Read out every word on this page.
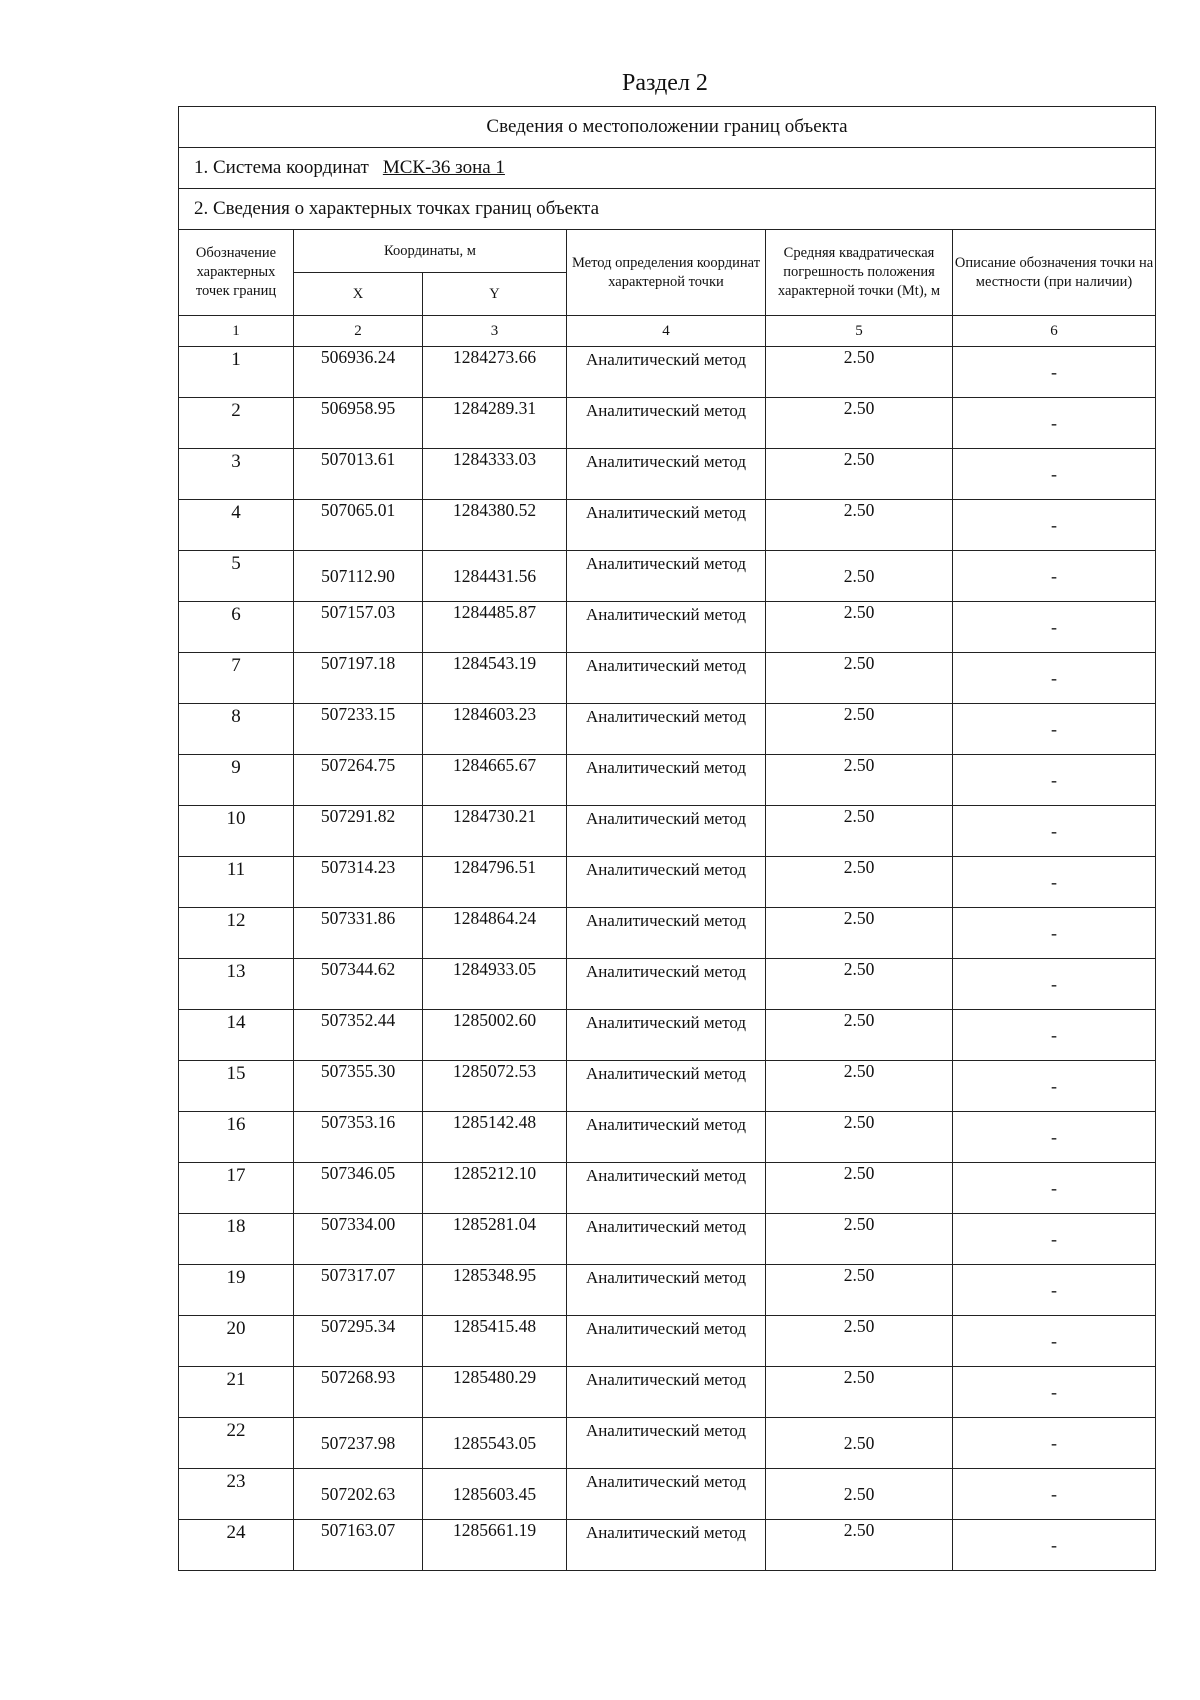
Раздел 2
Сведения о местоположении границ объекта					
1. Система координат МСК-36 зона 1					
2. Сведения о характерных точках границ объекта					
Обозначение характерных точек границ	Координаты, м		Метод определения координат характерной точки	Средняя квадратическая погрешность положения характерной точки (Mt), м	Описание обозначения точки на местности (при наличии)
	X	Y			
1	2	3	4	5	6
1	506936.24	1284273.66	Аналитический метод	2.50	-
2	506958.95	1284289.31	Аналитический метод	2.50	-
3	507013.61	1284333.03	Аналитический метод	2.50	-
4	507065.01	1284380.52	Аналитический метод	2.50	-
5	507112.90	1284431.56	Аналитический метод	2.50	-
6	507157.03	1284485.87	Аналитический метод	2.50	-
7	507197.18	1284543.19	Аналитический метод	2.50	-
8	507233.15	1284603.23	Аналитический метод	2.50	-
9	507264.75	1284665.67	Аналитический метод	2.50	-
10	507291.82	1284730.21	Аналитический метод	2.50	-
11	507314.23	1284796.51	Аналитический метод	2.50	-
12	507331.86	1284864.24	Аналитический метод	2.50	-
13	507344.62	1284933.05	Аналитический метод	2.50	-
14	507352.44	1285002.60	Аналитический метод	2.50	-
15	507355.30	1285072.53	Аналитический метод	2.50	-
16	507353.16	1285142.48	Аналитический метод	2.50	-
17	507346.05	1285212.10	Аналитический метод	2.50	-
18	507334.00	1285281.04	Аналитический метод	2.50	-
19	507317.07	1285348.95	Аналитический метод	2.50	-
20	507295.34	1285415.48	Аналитический метод	2.50	-
21	507268.93	1285480.29	Аналитический метод	2.50	-
22	507237.98	1285543.05	Аналитический метод	2.50	-
23	507202.63	1285603.45	Аналитический метод	2.50	-
24	507163.07	1285661.19	Аналитический метод	2.50	-
